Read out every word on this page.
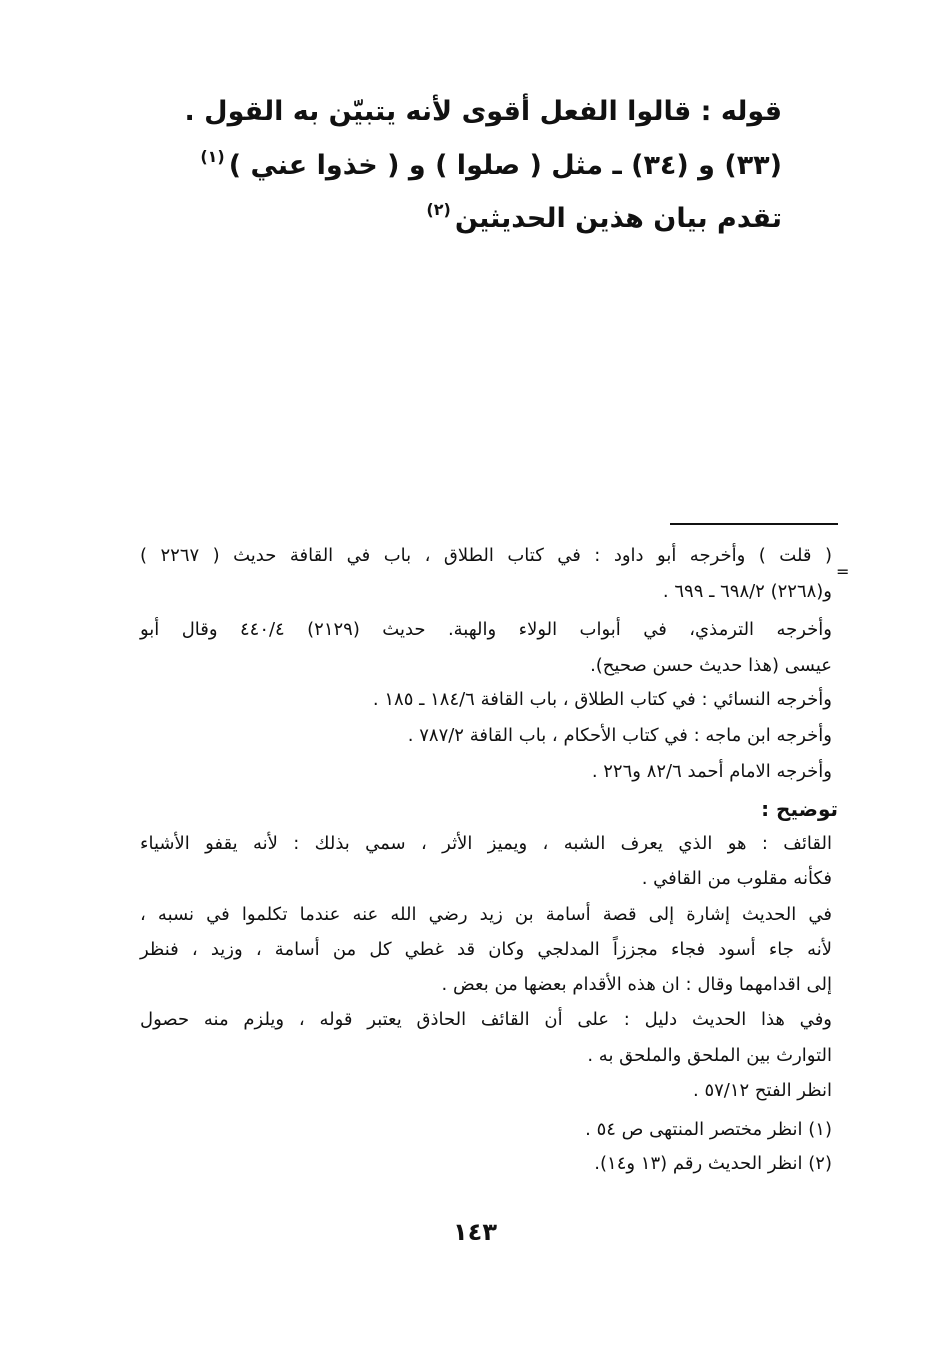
قوله : قالوا الفعل أقوى لأنه يتبيّن به القول .
(٣٣) و (٣٤) ـ مثل ( صلوا ) و ( خذوا عني )$^{(١)}$
تقدم بيان هذين الحديثين$^{(٢)}$
=
( قلت ) وأخرجه أبو داود : في كتاب الطلاق ، باب في القافة حديث ( ٢٢٦٧ )
و(٢٢٦٨) ٦٩٨/٢ ـ ٦٩٩ .
وأخرجه الترمذي، في أبواب الولاء والهبة. حديث (٢١٢٩) ٤٤٠/٤ وقال أبو
عيسى (هذا حديث حسن صحيح).
وأخرجه النسائي : في كتاب الطلاق ، باب القافة ١٨٤/٦ ـ ١٨٥ .
وأخرجه ابن ماجه : في كتاب الأحكام ، باب القافة ٧٨٧/٢ .
وأخرجه الامام أحمد ٨٢/٦ و٢٢٦ .
توضيح :
القائف : هو الذي يعرف الشبه ، ويميز الأثر ، سمي بذلك : لأنه يقفو الأشياء
فكأنه مقلوب من القافي .
في الحديث إشارة إلى قصة أسامة بن زيد رضي الله عنه عندما تكلموا في نسبه ،
لأنه جاء أسود فجاء مجززاً المدلجي وكان قد غطي كل من أسامة ، وزيد ، فنظر
إلى اقدامهما وقال : ان هذه الأقدام بعضها من بعض .
وفي هذا الحديث دليل : على أن القائف الحاذق يعتبر قوله ، ويلزم منه حصول
التوارث بين الملحق والملحق به .
انظر الفتح ٥٧/١٢ .
(١) انظر مختصر المنتهى ص ٥٤ .
(٢) انظر الحديث رقم (١٣ و١٤).
١٤٣
